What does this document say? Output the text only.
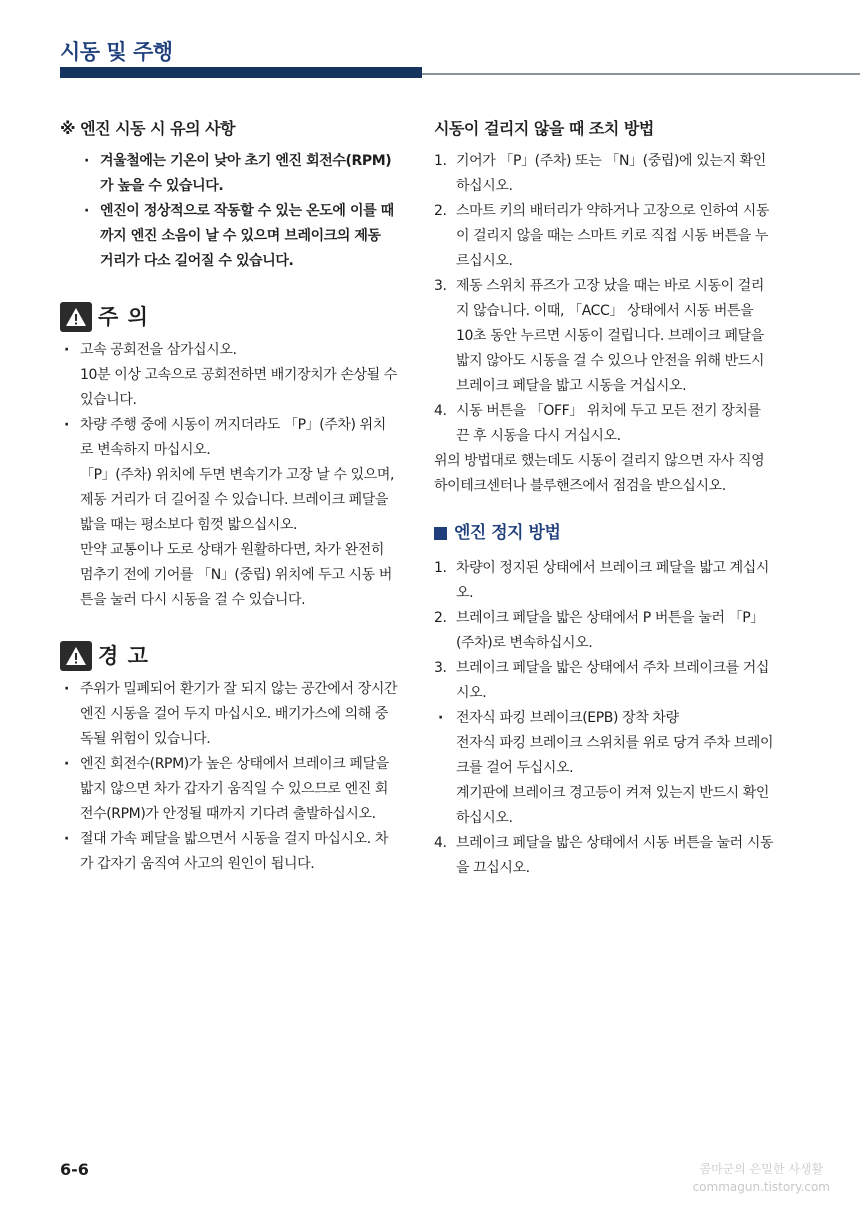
시동 및 주행
※ 엔진 시동 시 유의 사항
· 겨울철에는 기온이 낮아 초기 엔진 회전수(RPM)가 높을 수 있습니다.
· 엔진이 정상적으로 작동할 수 있는 온도에 이를 때까지 엔진 소음이 날 수 있으며 브레이크의 제동 거리가 다소 길어질 수 있습니다.
주 의
· 고속 공회전을 삼가십시오.
10분 이상 고속으로 공회전하면 배기장치가 손상될 수 있습니다.
· 차량 주행 중에 시동이 꺼지더라도 「P」(주차) 위치로 변속하지 마십시오.
「P」(주차) 위치에 두면 변속기가 고장 날 수 있으며, 제동 거리가 더 길어질 수 있습니다. 브레이크 페달을 밟을 때는 평소보다 힘껏 밟으십시오.
만약 교통이나 도로 상태가 원활하다면, 차가 완전히 멈추기 전에 기어를 「N」(중립) 위치에 두고 시동 버튼을 눌러 다시 시동을 걸 수 있습니다.
경 고
· 주위가 밀폐되어 환기가 잘 되지 않는 공간에서 장시간 엔진 시동을 걸어 두지 마십시오. 배기가스에 의해 중독될 위험이 있습니다.
· 엔진 회전수(RPM)가 높은 상태에서 브레이크 페달을 밟지 않으면 차가 갑자기 움직일 수 있으므로 엔진 회전수(RPM)가 안정될 때까지 기다려 출발하십시오.
· 절대 가속 페달을 밟으면서 시동을 걸지 마십시오. 차가 갑자기 움직여 사고의 원인이 됩니다.
시동이 걸리지 않을 때 조치 방법
1. 기어가 「P」(주차) 또는 「N」(중립)에 있는지 확인하십시오.
2. 스마트 키의 배터리가 약하거나 고장으로 인하여 시동이 걸리지 않을 때는 스마트 키로 직접 시동 버튼을 누르십시오.
3. 제동 스위치 퓨즈가 고장 났을 때는 바로 시동이 걸리지 않습니다. 이때, 「ACC」 상태에서 시동 버튼을 10초 동안 누르면 시동이 걸립니다. 브레이크 페달을 밟지 않아도 시동을 걸 수 있으나 안전을 위해 반드시 브레이크 페달을 밟고 시동을 거십시오.
4. 시동 버튼을 「OFF」 위치에 두고 모든 전기 장치를 끈 후 시동을 다시 거십시오.

위의 방법대로 했는데도 시동이 걸리지 않으면 자사 직영 하이테크센터나 블루핸즈에서 점검을 받으십시오.

엔진 정지 방법
1. 차량이 정지된 상태에서 브레이크 페달을 밟고 계십시오.
2. 브레이크 페달을 밟은 상태에서 P 버튼을 눌러 「P」(주차)로 변속하십시오.
3. 브레이크 페달을 밟은 상태에서 주차 브레이크를 거십시오.
· 전자식 파킹 브레이크(EPB) 장착 차량
전자식 파킹 브레이크 스위치를 위로 당겨 주차 브레이크를 걸어 두십시오.
계기판에 브레이크 경고등이 켜져 있는지 반드시 확인하십시오.
4. 브레이크 페달을 밟은 상태에서 시동 버튼을 눌러 시동을 끄십시오.
6-6	콤마군의 은밀한 사생활
commagun.tistory.com
